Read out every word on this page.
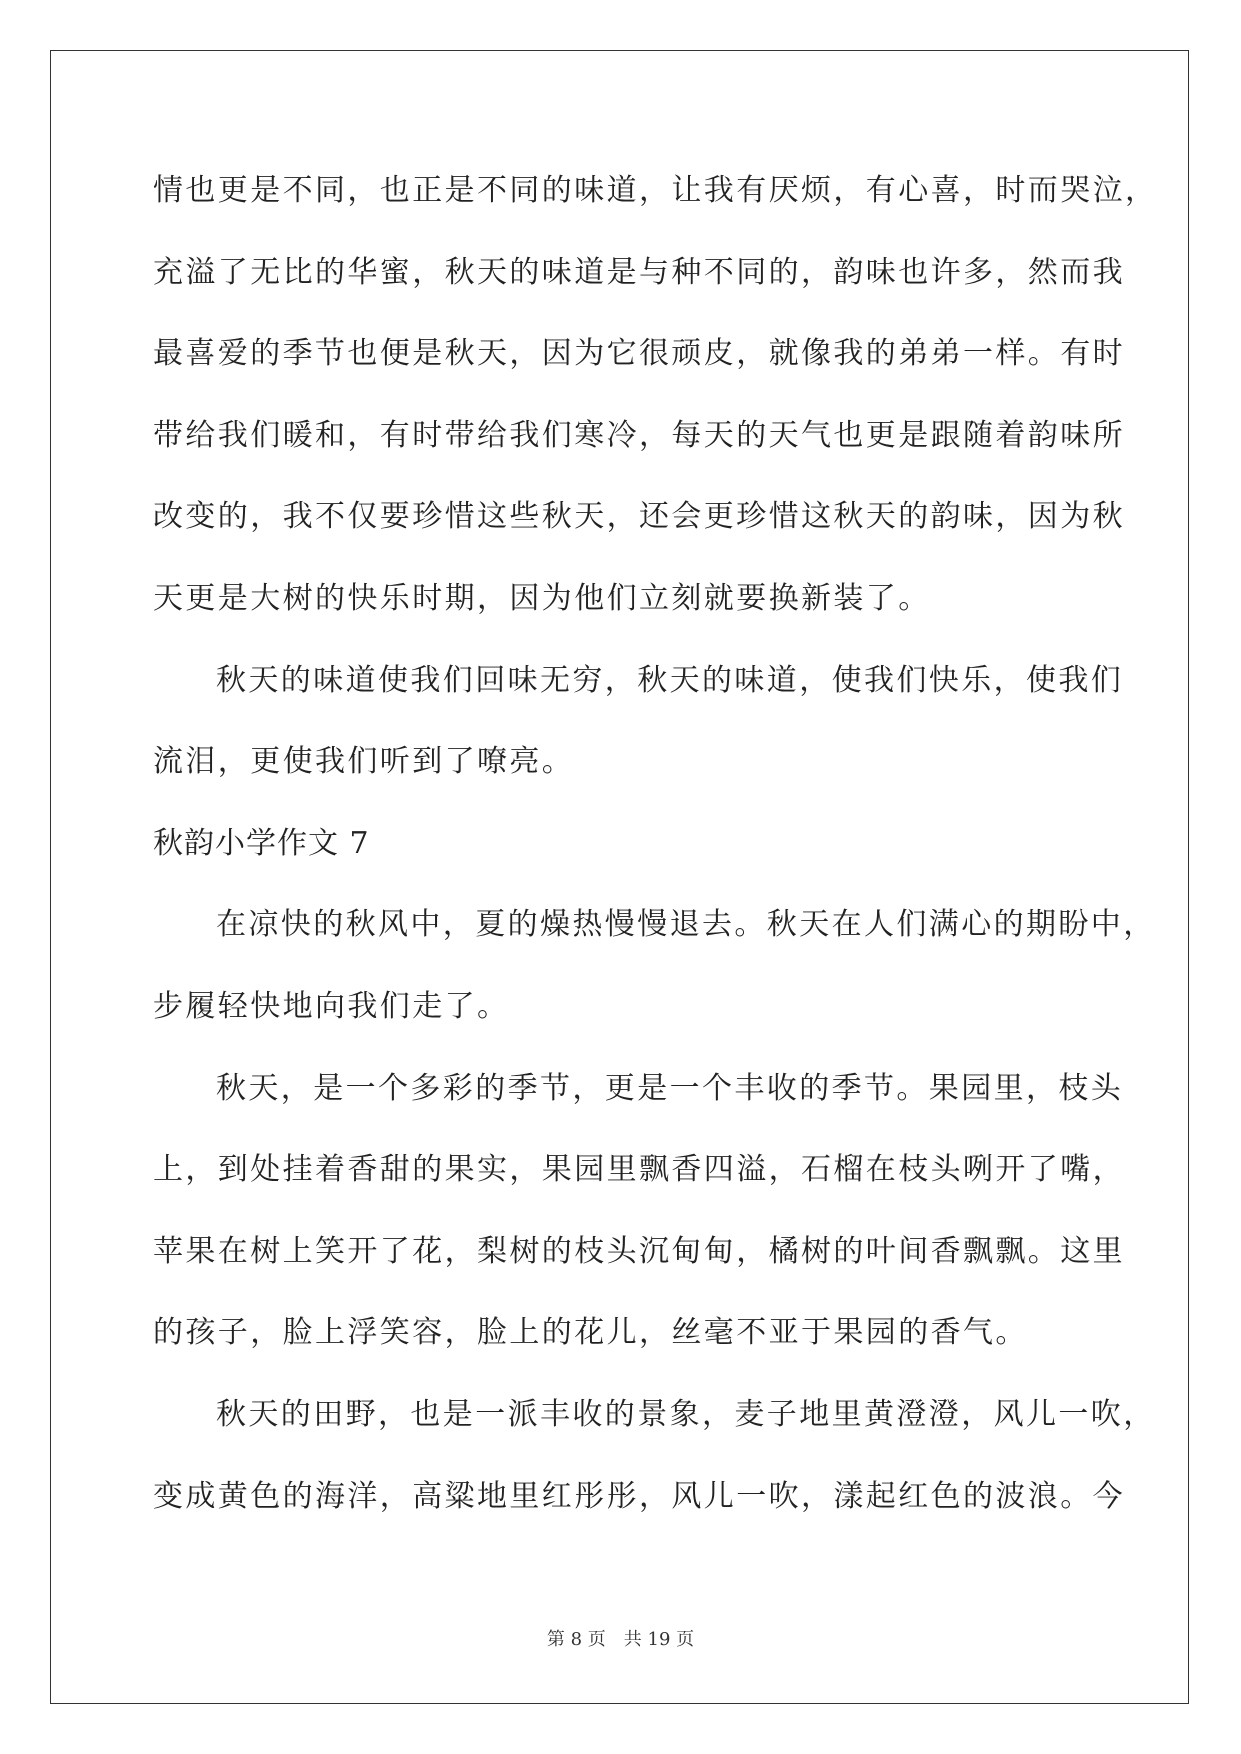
情也更是不同，也正是不同的味道，让我有厌烦，有心喜，时而哭泣，
充溢了无比的华蜜，秋天的味道是与种不同的，韵味也许多，然而我
最喜爱的季节也便是秋天，因为它很顽皮，就像我的弟弟一样。有时
带给我们暖和，有时带给我们寒冷，每天的天气也更是跟随着韵味所
改变的，我不仅要珍惜这些秋天，还会更珍惜这秋天的韵味，因为秋
天更是大树的快乐时期，因为他们立刻就要换新装了。
秋天的味道使我们回味无穷，秋天的味道，使我们快乐，使我们
流泪，更使我们听到了嘹亮。
秋韵小学作文 7
在凉快的秋风中，夏的燥热慢慢退去。秋天在人们满心的期盼中，
步履轻快地向我们走了。
秋天，是一个多彩的季节，更是一个丰收的季节。果园里，枝头
上，到处挂着香甜的果实，果园里飘香四溢，石榴在枝头咧开了嘴，
苹果在树上笑开了花，梨树的枝头沉甸甸，橘树的叶间香飘飘。这里
的孩子，脸上浮笑容，脸上的花儿，丝毫不亚于果园的香气。
秋天的田野，也是一派丰收的景象，麦子地里黄澄澄，风儿一吹，
变成黄色的海洋，高粱地里红彤彤，风儿一吹，漾起红色的波浪。今
第 8 页 共 19 页
